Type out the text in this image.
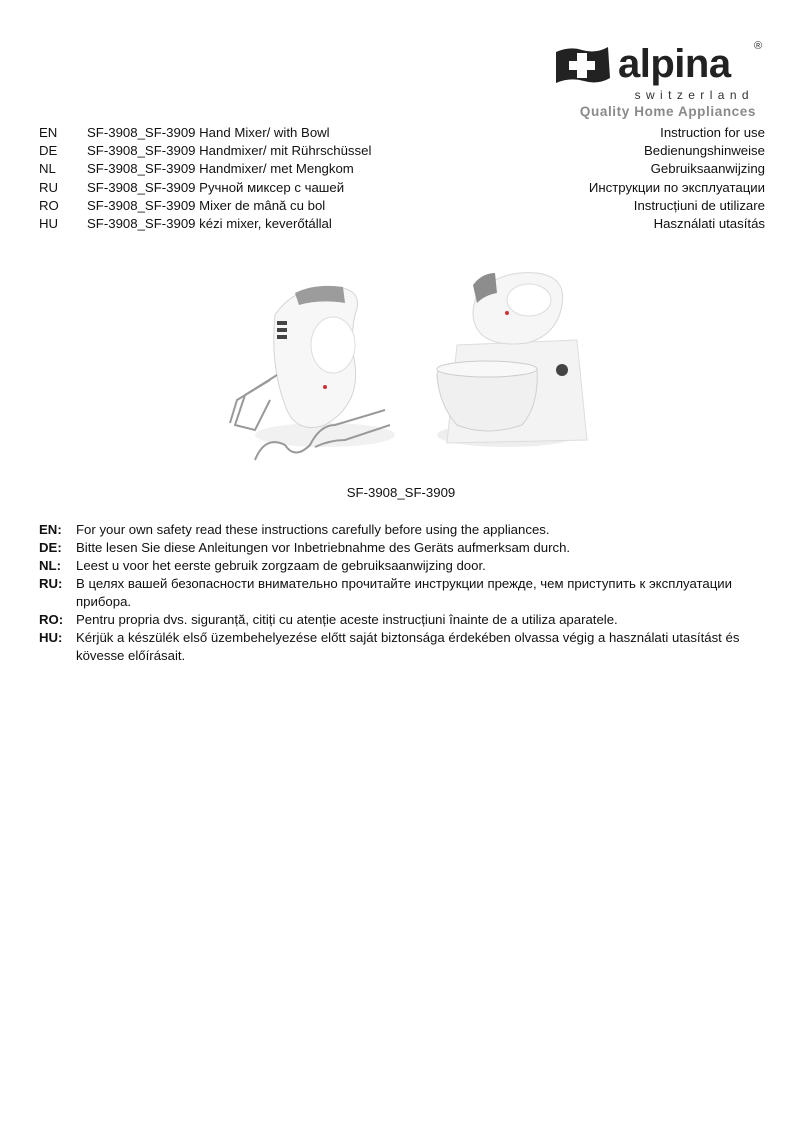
alpina ®
switzerland
Quality Home Appliances
EN SF-3908_SF-3909 Hand Mixer/ with Bowl	Instruction for use
DE SF-3908_SF-3909 Handmixer/ mit Rührschüssel	Bedienungshinweise
NL SF-3908_SF-3909 Handmixer/ met Mengkom	Gebruiksaanwijzing
RU SF-3908_SF-3909 Ручной миксер с чашей	Инструкции по эксплуатации
RO SF-3908_SF-3909 Mixer de mână cu bol	Instrucțiuni de utilizare
HU SF-3908_SF-3909 kézi mixer, keverőtállal	Használati utasítás
SF-3908_SF-3909
EN: For your own safety read these instructions carefully before using the appliances.
DE: Bitte lesen Sie diese Anleitungen vor Inbetriebnahme des Geräts aufmerksam durch.
NL: Leest u voor het eerste gebruik zorgzaam de gebruiksaanwijzing door.
RU: В целях вашей безопасности внимательно прочитайте инструкции прежде, чем приступить к эксплуатации прибора.
RO: Pentru propria dvs. siguranță, citiți cu atenție aceste instrucțiuni înainte de a utiliza aparatele.
HU: Kérjük a készülék első üzembehelyezése előtt saját biztonsága érdekében olvassa végig a használati utasítást és kövesse előírásait.
